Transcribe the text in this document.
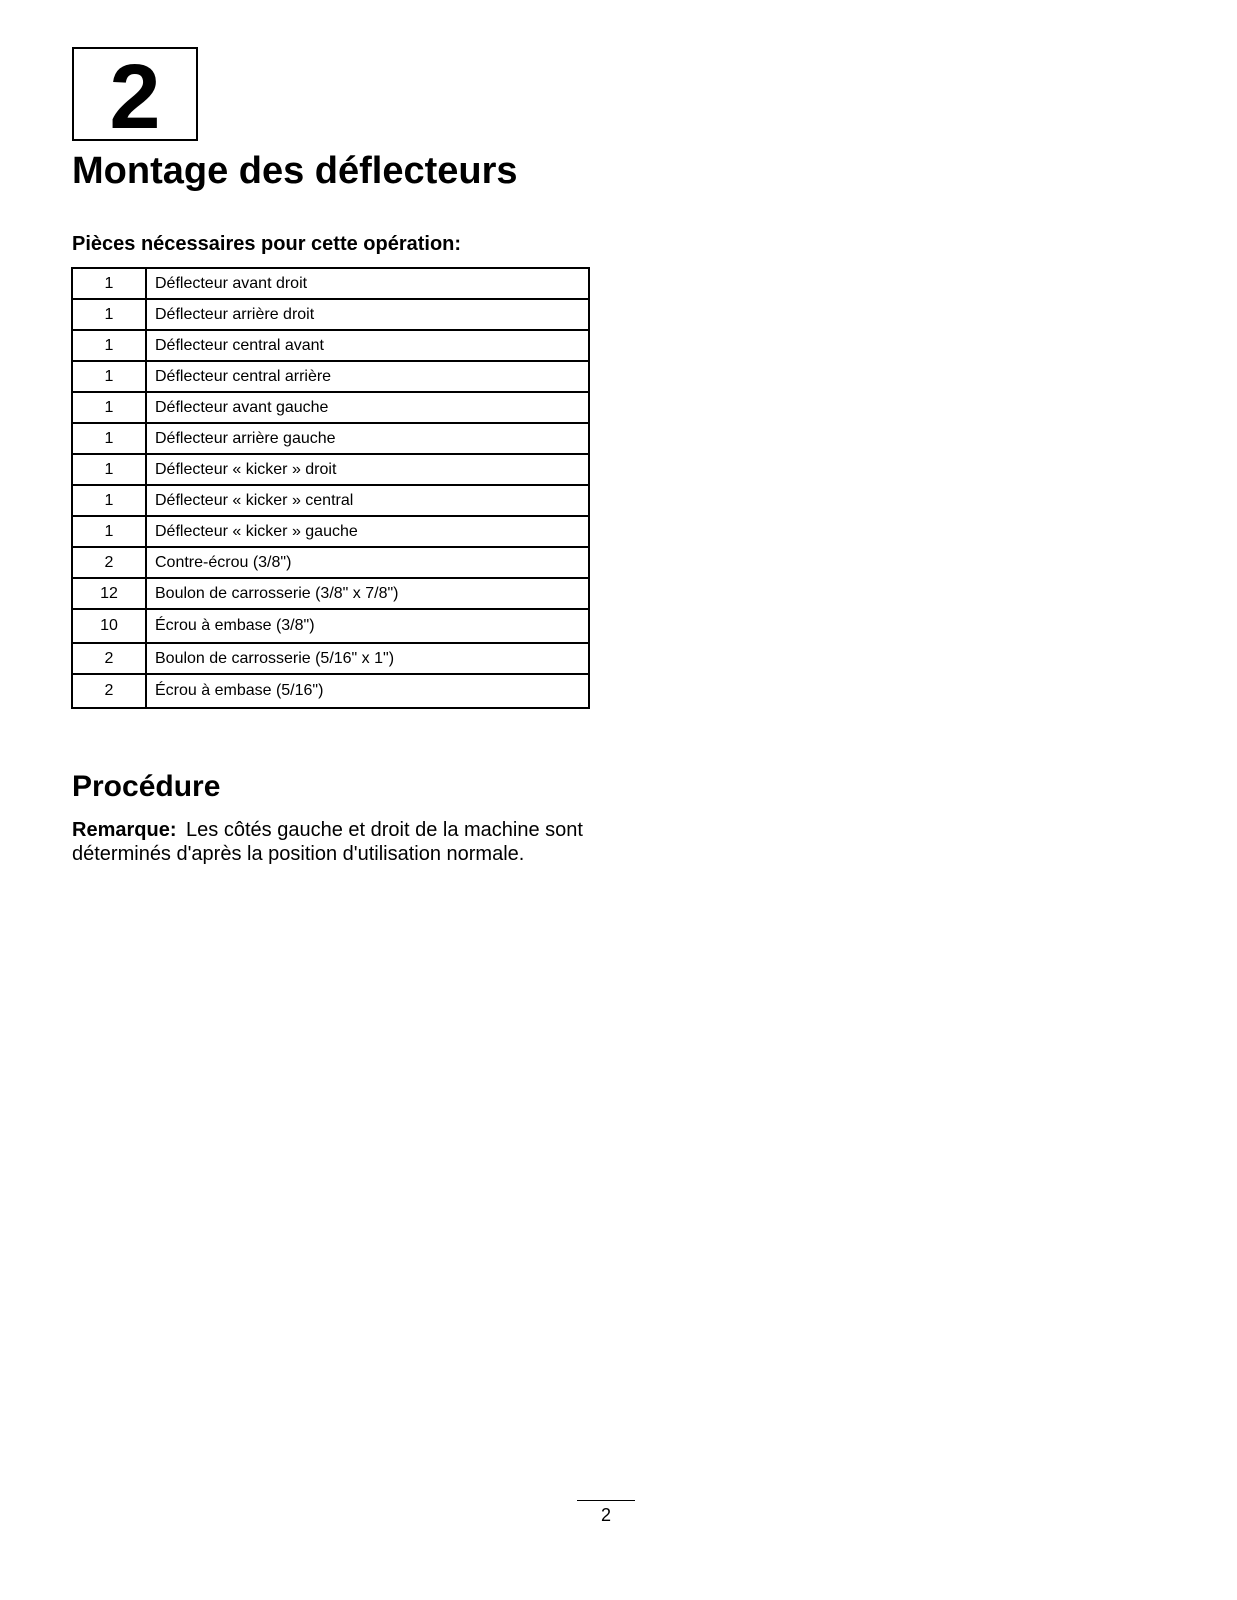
2
Montage des déflecteurs
Pièces nécessaires pour cette opération:
1	Déflecteur avant droit
1	Déflecteur arrière droit
1	Déflecteur central avant
1	Déflecteur central arrière
1	Déflecteur avant gauche
1	Déflecteur arrière gauche
1	Déflecteur « kicker » droit
1	Déflecteur « kicker » central
1	Déflecteur « kicker » gauche
2	Contre-écrou (3/8")
12	Boulon de carrosserie (3/8" x 7/8")
10	Écrou à embase (3/8")
2	Boulon de carrosserie (5/16" x 1")
2	Écrou à embase (5/16")
Procédure

Remarque: Les côtés gauche et droit de la machine sont déterminés d'après la position d'utilisation normale.

2
